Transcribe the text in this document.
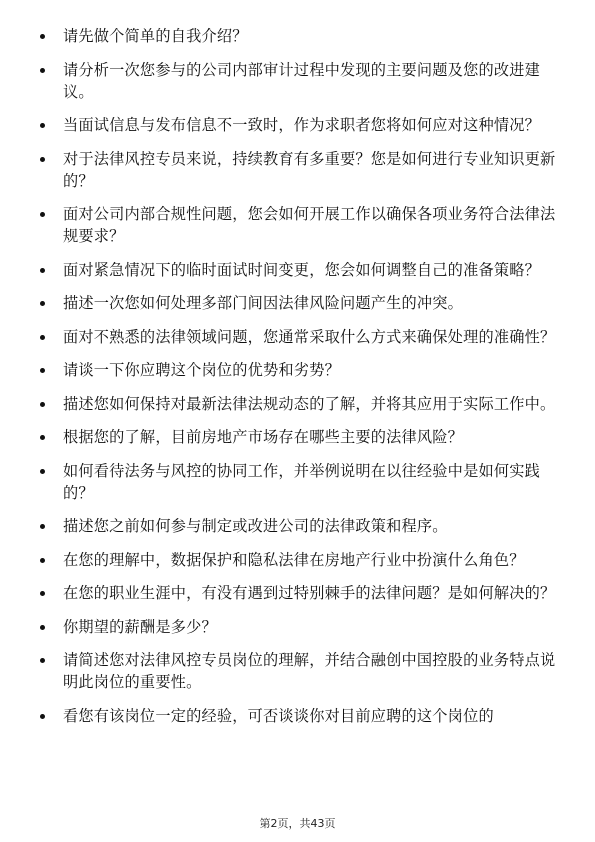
请先做个简单的自我介绍？
请分析一次您参与的公司内部审计过程中发现的主要问题及您的改进建议。
当面试信息与发布信息不一致时，作为求职者您将如何应对这种情况？
对于法律风控专员来说，持续教育有多重要？您是如何进行专业知识更新的？
面对公司内部合规性问题，您会如何开展工作以确保各项业务符合法律法规要求？
面对紧急情况下的临时面试时间变更，您会如何调整自己的准备策略？
描述一次您如何处理多部门间因法律风险问题产生的冲突。
面对不熟悉的法律领域问题，您通常采取什么方式来确保处理的准确性？
请谈一下你应聘这个岗位的优势和劣势？
描述您如何保持对最新法律法规动态的了解，并将其应用于实际工作中。
根据您的了解，目前房地产市场存在哪些主要的法律风险？
如何看待法务与风控的协同工作，并举例说明在以往经验中是如何实践的？
描述您之前如何参与制定或改进公司的法律政策和程序。
在您的理解中，数据保护和隐私法律在房地产行业中扮演什么角色？
在您的职业生涯中，有没有遇到过特别棘手的法律问题？是如何解决的？
你期望的薪酬是多少？
请简述您对法律风控专员岗位的理解，并结合融创中国控股的业务特点说明此岗位的重要性。
看您有该岗位一定的经验，可否谈谈你对目前应聘的这个岗位的
第2页，共43页
